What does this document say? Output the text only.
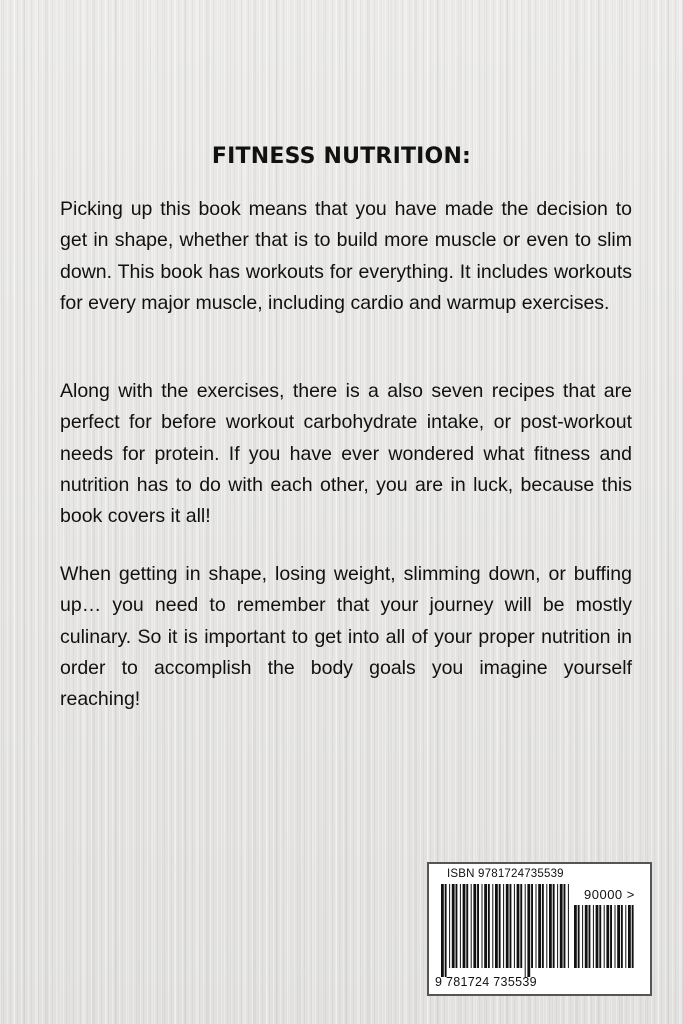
FITNESS NUTRITION:

Picking up this book means that you have made the decision to get in shape, whether that is to build more muscle or even to slim down. This book has workouts for everything. It includes workouts for every major muscle, including cardio and warmup exercises.

Along with the exercises, there is a also seven recipes that are perfect for before workout carbohydrate intake, or post-workout needs for protein. If you have ever wondered what fitness and nutrition has to do with each other, you are in luck, because this book covers it all!

When getting in shape, losing weight, slimming down, or buffing up… you need to remember that your journey will be mostly culinary. So it is important to get into all of your proper nutrition in order to accomplish the body goals you imagine yourself reaching!

ISBN 9781724735539
90000 >
9 781724 735539
